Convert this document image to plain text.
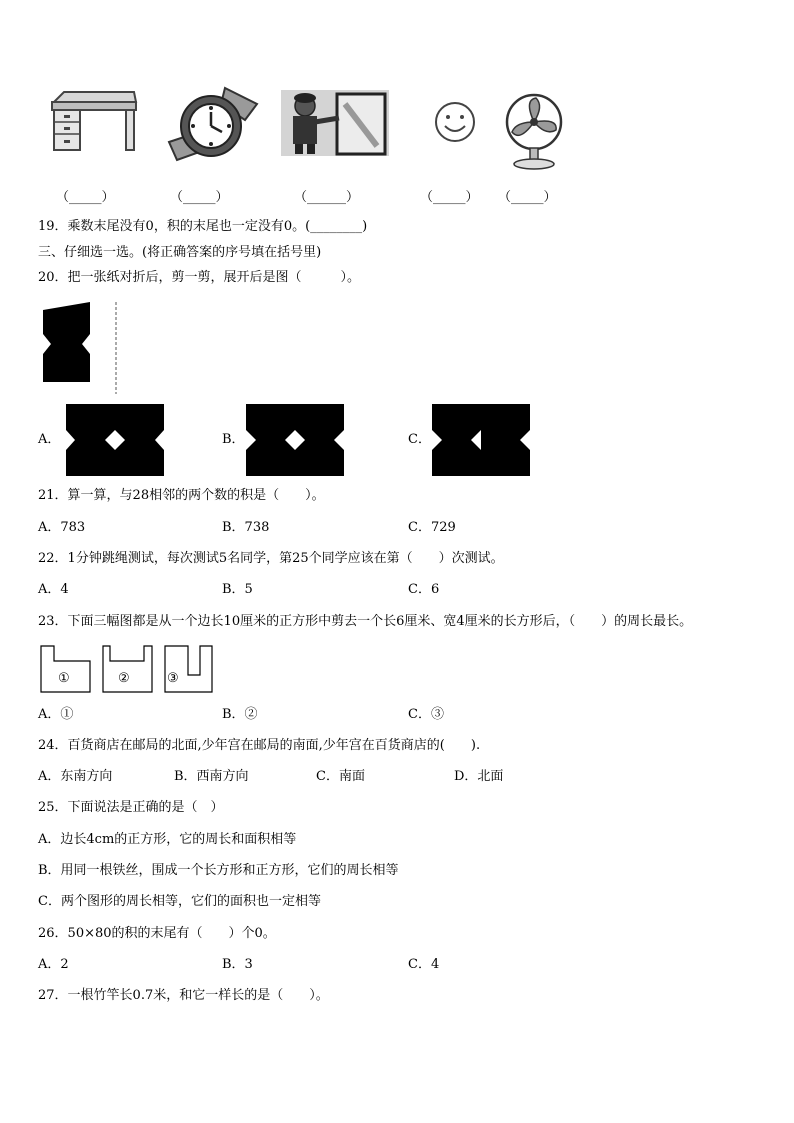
（_____）	（_____）	（______）	（_____） （_____）
19．乘数末尾没有0，积的末尾也一定没有0。(________)
三、仔细选一选。(将正确答案的序号填在括号里)
20．把一张纸对折后，剪一剪，展开后是图（　　　）。
A．	B．	C．
21．算一算，与28相邻的两个数的积是（　　）。
A．783	B．738	C．729
22．1分钟跳绳测试，每次测试5名同学，第25个同学应该在第（　　）次测试。
A．4	B．5	C．6
23．下面三幅图都是从一个边长10厘米的正方形中剪去一个长6厘米、宽4厘米的长方形后，（　　）的周长最长。
①	②	③
A．①	B．②	C．③
24．百货商店在邮局的北面,少年宫在邮局的南面,少年宫在百货商店的(　　).
A．东南方向	B．西南方向	C．南面	D．北面
25．下面说法是正确的是（　）
A．边长4cm的正方形，它的周长和面积相等
B．用同一根铁丝，围成一个长方形和正方形，它们的周长相等
C．两个图形的周长相等，它们的面积也一定相等
26．50×80的积的末尾有（　　）个0。
A．2	B．3	C．4
27．一根竹竿长0.7米，和它一样长的是（　　）。
